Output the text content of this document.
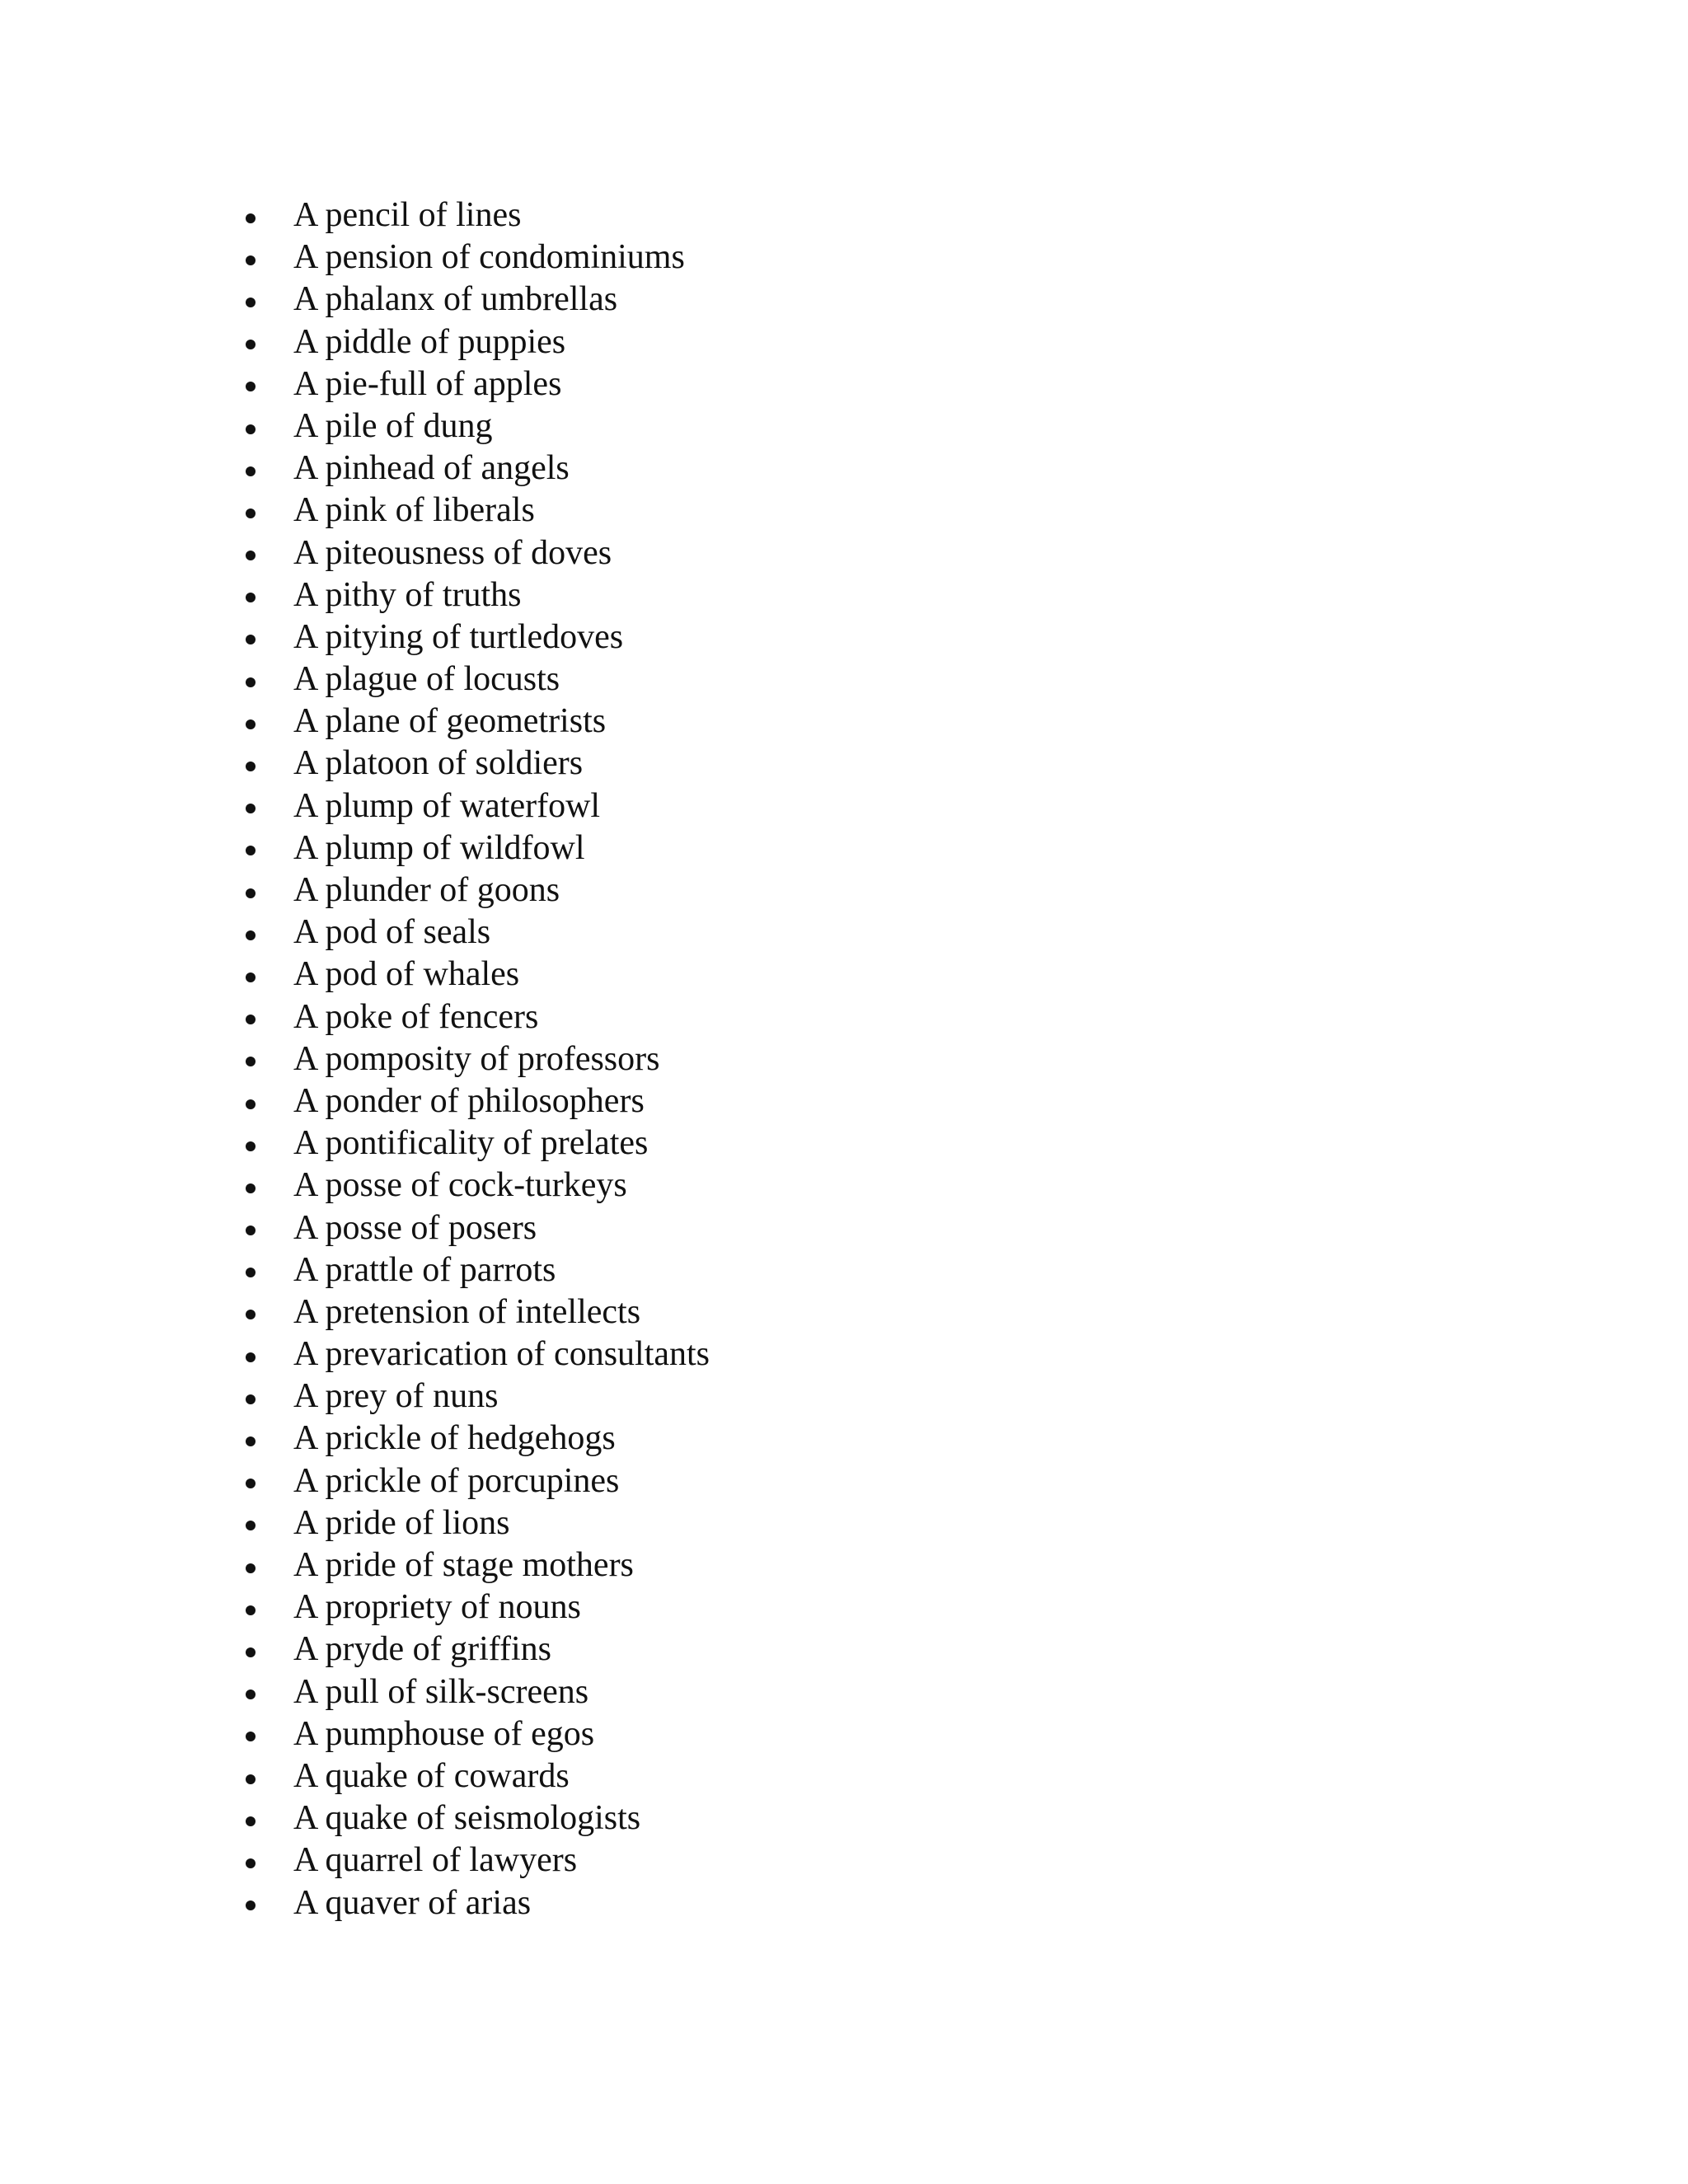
A pencil of lines
A pension of condominiums
A phalanx of umbrellas
A piddle of puppies
A pie-full of apples
A pile of dung
A pinhead of angels
A pink of liberals
A piteousness of doves
A pithy of truths
A pitying of turtledoves
A plague of locusts
A plane of geometrists
A platoon of soldiers
A plump of waterfowl
A plump of wildfowl
A plunder of goons
A pod of seals
A pod of whales
A poke of fencers
A pomposity of professors
A ponder of philosophers
A pontificality of prelates
A posse of cock-turkeys
A posse of posers
A prattle of parrots
A pretension of intellects
A prevarication of consultants
A prey of nuns
A prickle of hedgehogs
A prickle of porcupines
A pride of lions
A pride of stage mothers
A propriety of nouns
A pryde of griffins
A pull of silk-screens
A pumphouse of egos
A quake of cowards
A quake of seismologists
A quarrel of lawyers
A quaver of arias
